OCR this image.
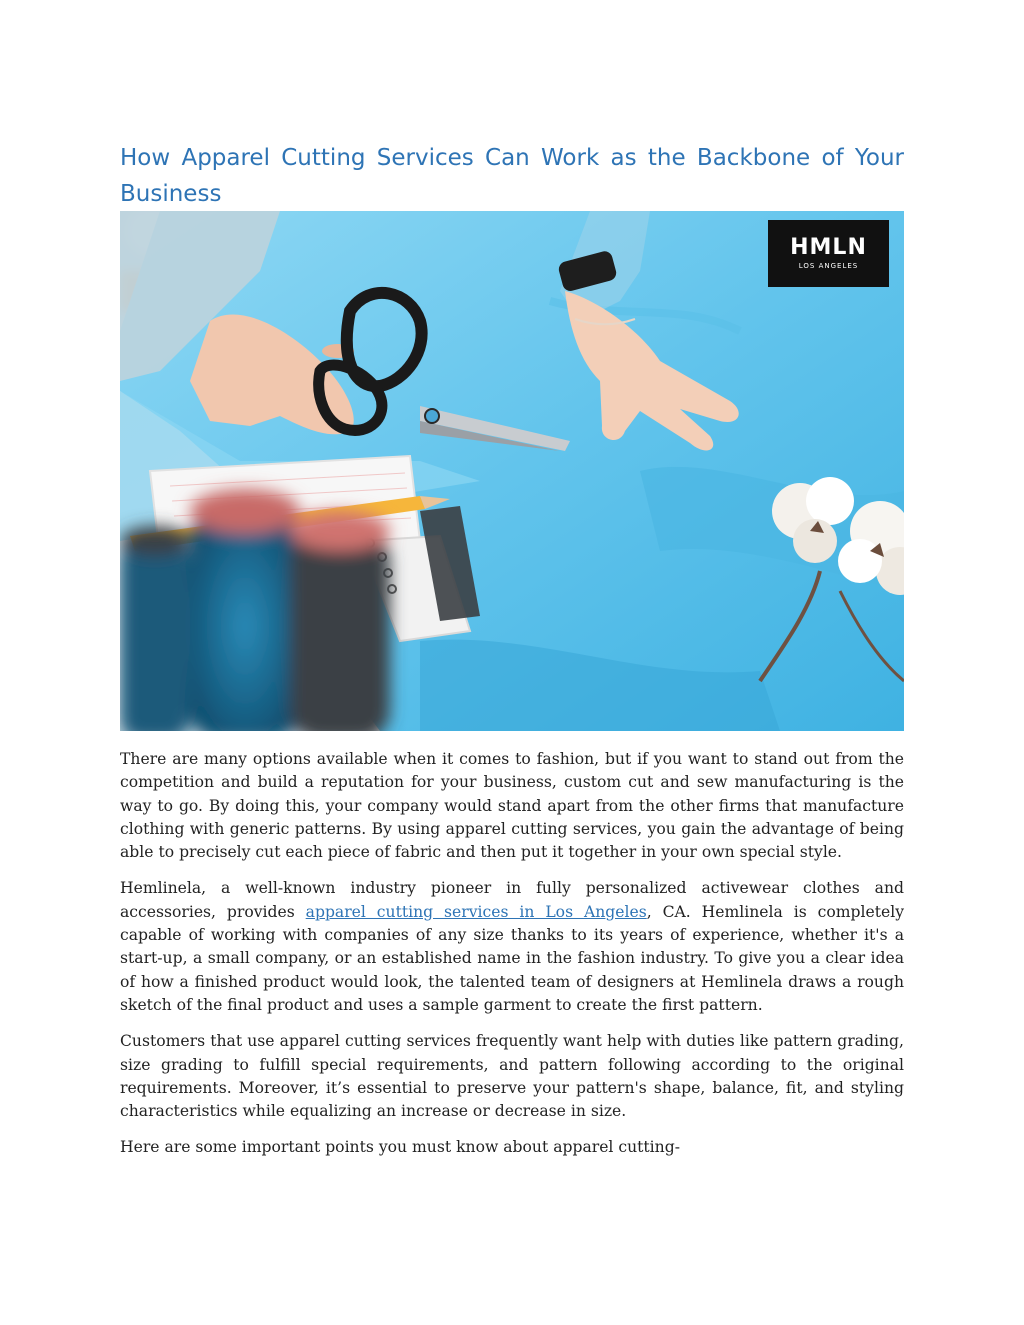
How Apparel Cutting Services Can Work as the Backbone of Your Business
HMLN
LOS ANGELES

There are many options available when it comes to fashion, but if you want to stand out from the competition and build a reputation for your business, custom cut and sew manufacturing is the way to go. By doing this, your company would stand apart from the other firms that manufacture clothing with generic patterns. By using apparel cutting services, you gain the advantage of being able to precisely cut each piece of fabric and then put it together in your own special style.

Hemlinela, a well-known industry pioneer in fully personalized activewear clothes and accessories, provides apparel cutting services in Los Angeles, CA. Hemlinela is completely capable of working with companies of any size thanks to its years of experience, whether it's a start-up, a small company, or an established name in the fashion industry. To give you a clear idea of how a finished product would look, the talented team of designers at Hemlinela draws a rough sketch of the final product and uses a sample garment to create the first pattern.

Customers that use apparel cutting services frequently want help with duties like pattern grading, size grading to fulfill special requirements, and pattern following according to the original requirements. Moreover, it’s essential to preserve your pattern's shape, balance, fit, and styling characteristics while equalizing an increase or decrease in size.

Here are some important points you must know about apparel cutting-
